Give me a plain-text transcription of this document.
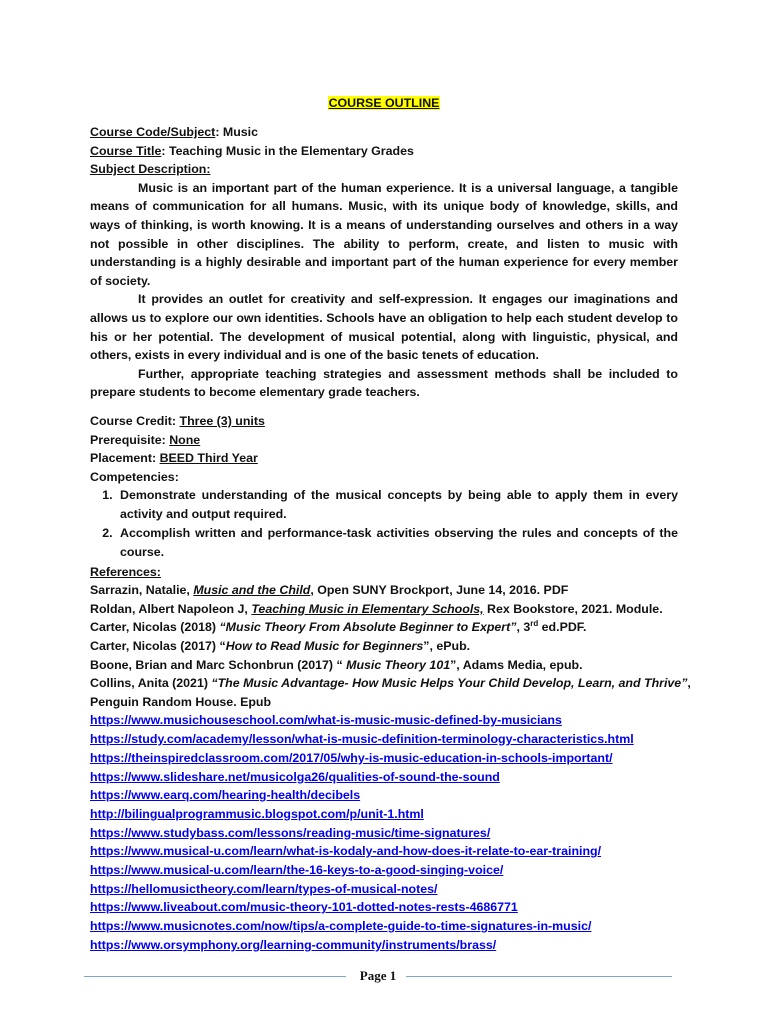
COURSE OUTLINE
Course Code/Subject: Music
Course Title: Teaching Music in the Elementary Grades
Subject Description:
Music is an important part of the human experience. It is a universal language, a tangible means of communication for all humans. Music, with its unique body of knowledge, skills, and ways of thinking, is worth knowing. It is a means of understanding ourselves and others in a way not possible in other disciplines. The ability to perform, create, and listen to music with understanding is a highly desirable and important part of the human experience for every member of society.
It provides an outlet for creativity and self-expression. It engages our imaginations and allows us to explore our own identities. Schools have an obligation to help each student develop to his or her potential. The development of musical potential, along with linguistic, physical, and others, exists in every individual and is one of the basic tenets of education.
Further, appropriate teaching strategies and assessment methods shall be included to prepare students to become elementary grade teachers.
Course Credit: Three (3) units
Prerequisite: None
Placement: BEED Third Year
Competencies:
1. Demonstrate understanding of the musical concepts by being able to apply them in every activity and output required.
2. Accomplish written and performance-task activities observing the rules and concepts of the course.
References:
Sarrazin, Natalie, Music and the Child, Open SUNY Brockport, June 14, 2016. PDF
Roldan, Albert Napoleon J, Teaching Music in Elementary Schools, Rex Bookstore, 2021. Module.
Carter, Nicolas (2018) “Music Theory From Absolute Beginner to Expert”, 3rd ed.PDF.
Carter, Nicolas (2017) “How to Read Music for Beginners”, ePub.
Boone, Brian and Marc Schonbrun (2017) “ Music Theory 101”, Adams Media, epub.
Collins, Anita (2021) “The Music Advantage- How Music Helps Your Child Develop, Learn, and Thrive”,
Penguin Random House. Epub
https://www.musichouseschool.com/what-is-music-music-defined-by-musicians
https://study.com/academy/lesson/what-is-music-definition-terminology-characteristics.html
https://theinspiredclassroom.com/2017/05/why-is-music-education-in-schools-important/
https://www.slideshare.net/musicolga26/qualities-of-sound-the-sound
https://www.earq.com/hearing-health/decibels
http://bilingualprogrammusic.blogspot.com/p/unit-1.html
https://www.studybass.com/lessons/reading-music/time-signatures/
https://www.musical-u.com/learn/what-is-kodaly-and-how-does-it-relate-to-ear-training/
https://www.musical-u.com/learn/the-16-keys-to-a-good-singing-voice/
https://hellomusictheory.com/learn/types-of-musical-notes/
https://www.liveabout.com/music-theory-101-dotted-notes-rests-4686771
https://www.musicnotes.com/now/tips/a-complete-guide-to-time-signatures-in-music/
https://www.orsymphony.org/learning-community/instruments/brass/
Page 1
